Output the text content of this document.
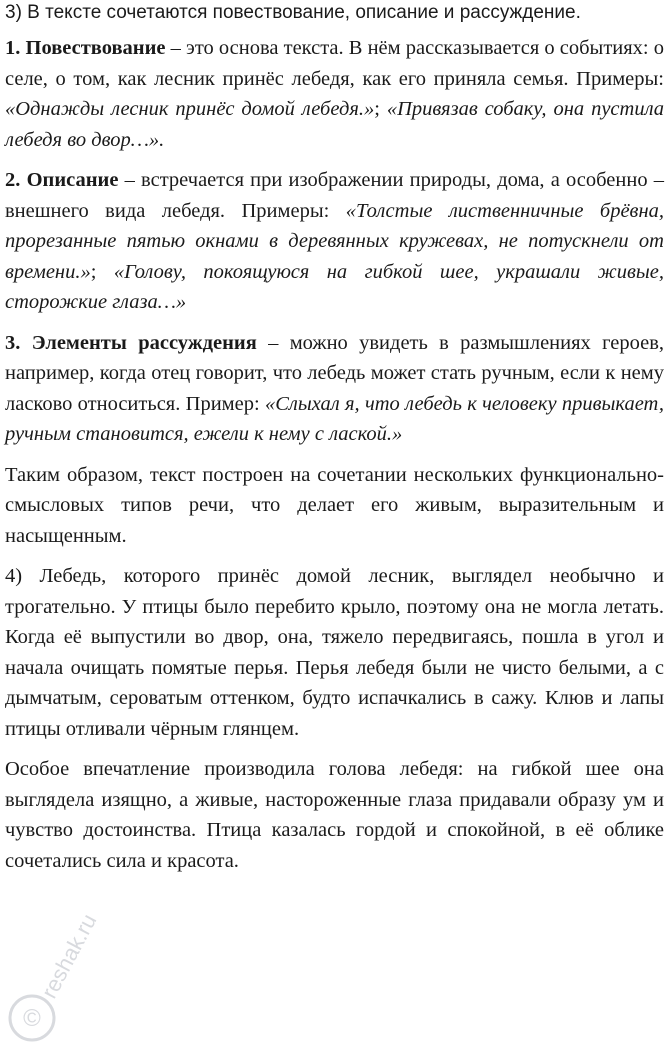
3) В тексте сочетаются повествование, описание и рассуждение.

1. Повествование – это основа текста. В нём рассказывается о событиях: о селе, о том, как лесник принёс лебедя, как его приняла семья. Примеры: «Однажды лесник принёс домой лебедя.»; «Привязав собаку, она пустила лебедя во двор…».

2. Описание – встречается при изображении природы, дома, а особенно – внешнего вида лебедя. Примеры: «Толстые лиственничные брёвна, прорезанные пятью окнами в деревянных кружевах, не потускнели от времени.»; «Голову, покоящуюся на гибкой шее, украшали живые, сторожкие глаза…»

3. Элементы рассуждения – можно увидеть в размышлениях героев, например, когда отец говорит, что лебедь может стать ручным, если к нему ласково относиться. Пример: «Слыхал я, что лебедь к человеку привыкает, ручным становится, ежели к нему с лаской.»

Таким образом, текст построен на сочетании нескольких функционально-смысловых типов речи, что делает его живым, выразительным и насыщенным.

4) Лебедь, которого принёс домой лесник, выглядел необычно и трогательно. У птицы было перебито крыло, поэтому она не могла летать. Когда её выпустили во двор, она, тяжело передвигаясь, пошла в угол и начала очищать помятые перья. Перья лебедя были не чисто белыми, а с дымчатым, сероватым оттенком, будто испачкались в сажу. Клюв и лапы птицы отливали чёрным глянцем.

Особое впечатление производила голова лебедя: на гибкой шее она выглядела изящно, а живые, настороженные глаза придавали образу ум и чувство достоинства. Птица казалась гордой и спокойной, в её облике сочетались сила и красота.

©
reshak.ru
